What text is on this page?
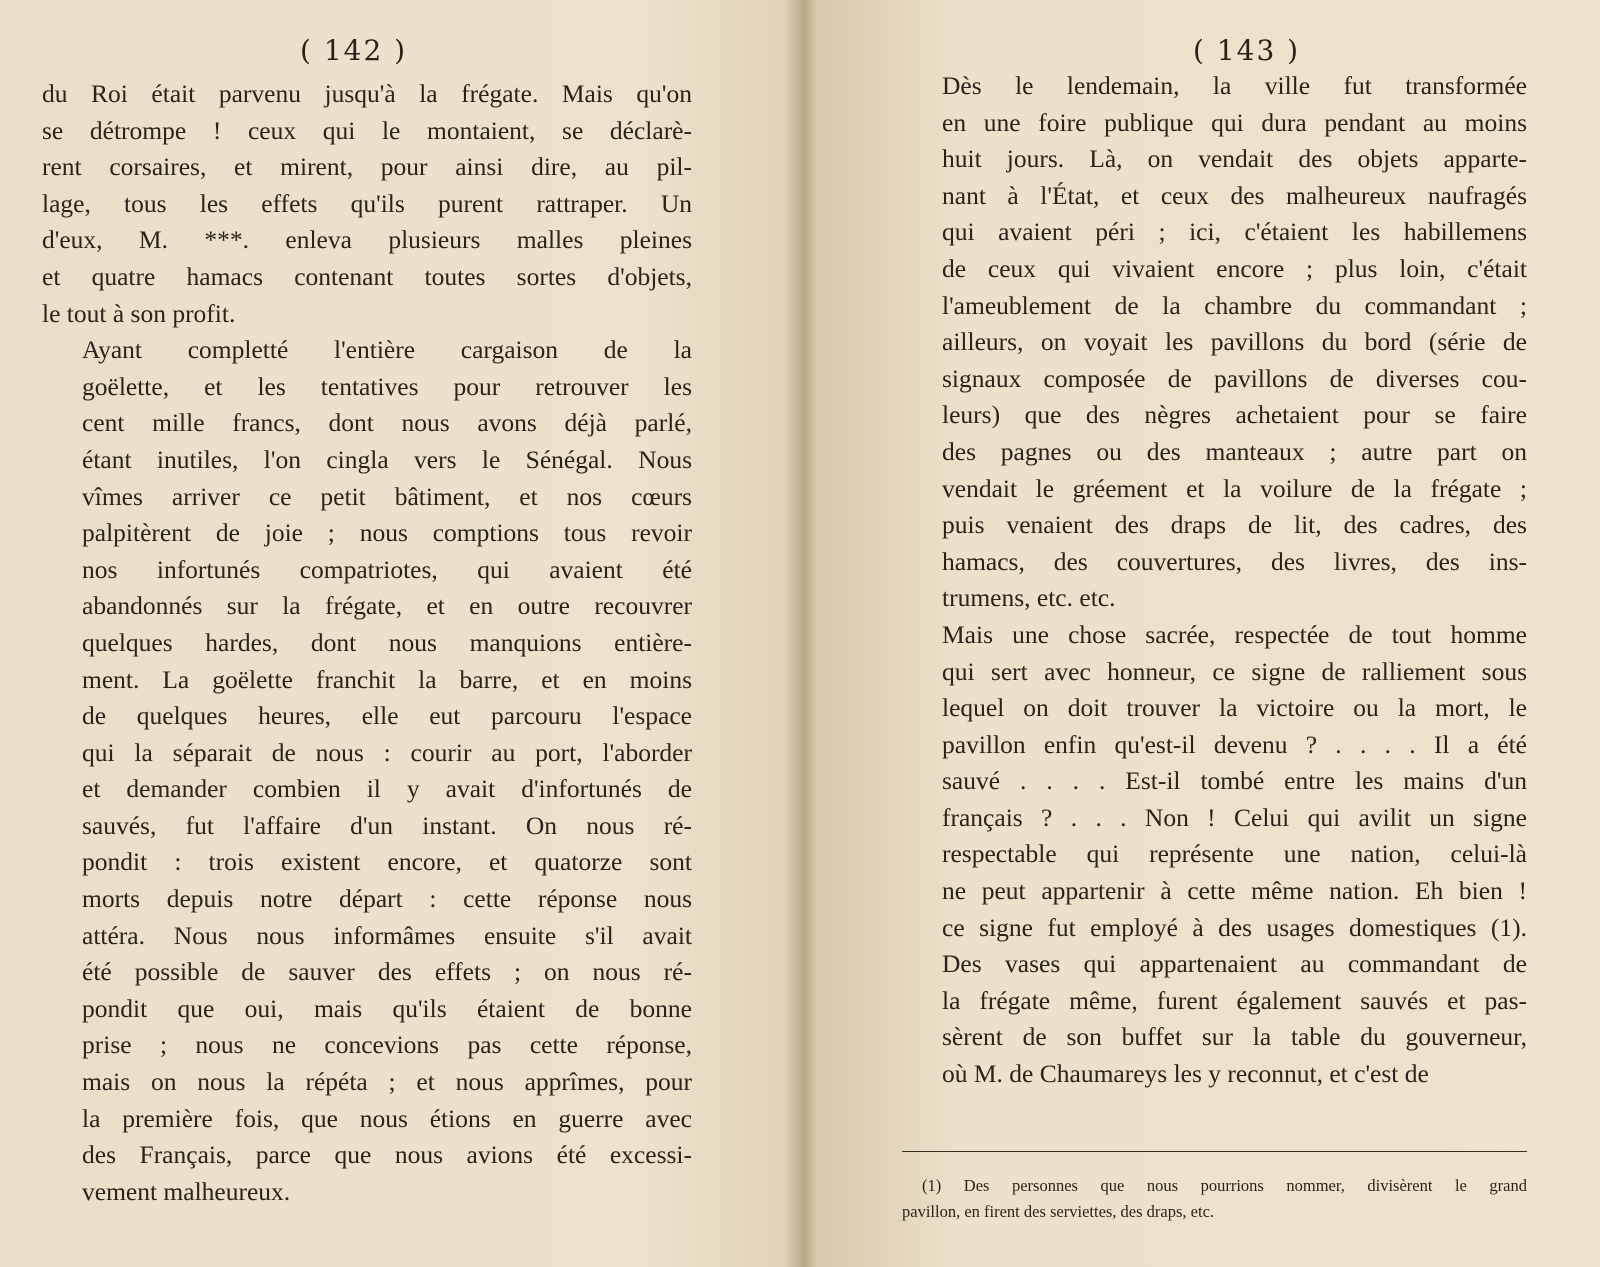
( 142 )

du Roi était parvenu jusqu'à la frégate. Mais qu'on
se détrompe ! ceux qui le montaient, se déclarè-
rent corsaires, et mirent, pour ainsi dire, au pil-
lage, tous les effets qu'ils purent rattraper. Un
d'eux, M. ***. enleva plusieurs malles pleines
et quatre hamacs contenant toutes sortes d'objets,
le tout à son profit.

Ayant completté l'entière cargaison de la
goëlette, et les tentatives pour retrouver les
cent mille francs, dont nous avons déjà parlé,
étant inutiles, l'on cingla vers le Sénégal. Nous
vîmes arriver ce petit bâtiment, et nos cœurs
palpitèrent de joie ; nous comptions tous revoir
nos infortunés compatriotes, qui avaient été
abandonnés sur la frégate, et en outre recouvrer
quelques hardes, dont nous manquions entière-
ment. La goëlette franchit la barre, et en moins
de quelques heures, elle eut parcouru l'espace
qui la séparait de nous : courir au port, l'aborder
et demander combien il y avait d'infortunés de
sauvés, fut l'affaire d'un instant. On nous ré-
pondit : trois existent encore, et quatorze sont
morts depuis notre départ : cette réponse nous
attéra. Nous nous informâmes ensuite s'il avait
été possible de sauver des effets ; on nous ré-
pondit que oui, mais qu'ils étaient de bonne
prise ; nous ne concevions pas cette réponse,
mais on nous la répéta ; et nous apprîmes, pour
la première fois, que nous étions en guerre avec
des Français, parce que nous avions été excessi-
vement malheureux.

( 143 )

Dès le lendemain, la ville fut transformée
en une foire publique qui dura pendant au moins
huit jours. Là, on vendait des objets apparte-
nant à l'État, et ceux des malheureux naufragés
qui avaient péri ; ici, c'étaient les habillemens
de ceux qui vivaient encore ; plus loin, c'était
l'ameublement de la chambre du commandant ;
ailleurs, on voyait les pavillons du bord (série de
signaux composée de pavillons de diverses cou-
leurs) que des nègres achetaient pour se faire
des pagnes ou des manteaux ; autre part on
vendait le gréement et la voilure de la frégate ;
puis venaient des draps de lit, des cadres, des
hamacs, des couvertures, des livres, des ins-
trumens, etc. etc.

Mais une chose sacrée, respectée de tout homme
qui sert avec honneur, ce signe de ralliement sous
lequel on doit trouver la victoire ou la mort, le
pavillon enfin qu'est-il devenu ? . . . . Il a été
sauvé . . . . Est-il tombé entre les mains d'un
français ? . . . Non ! Celui qui avilit un signe
respectable qui représente une nation, celui-là
ne peut appartenir à cette même nation. Eh bien !
ce signe fut employé à des usages domestiques (1).
Des vases qui appartenaient au commandant de
la frégate même, furent également sauvés et pas-
sèrent de son buffet sur la table du gouverneur,
où M. de Chaumareys les y reconnut, et c'est de

(1) Des personnes que nous pourrions nommer, divisèrent le grand
pavillon, en firent des serviettes, des draps, etc.
